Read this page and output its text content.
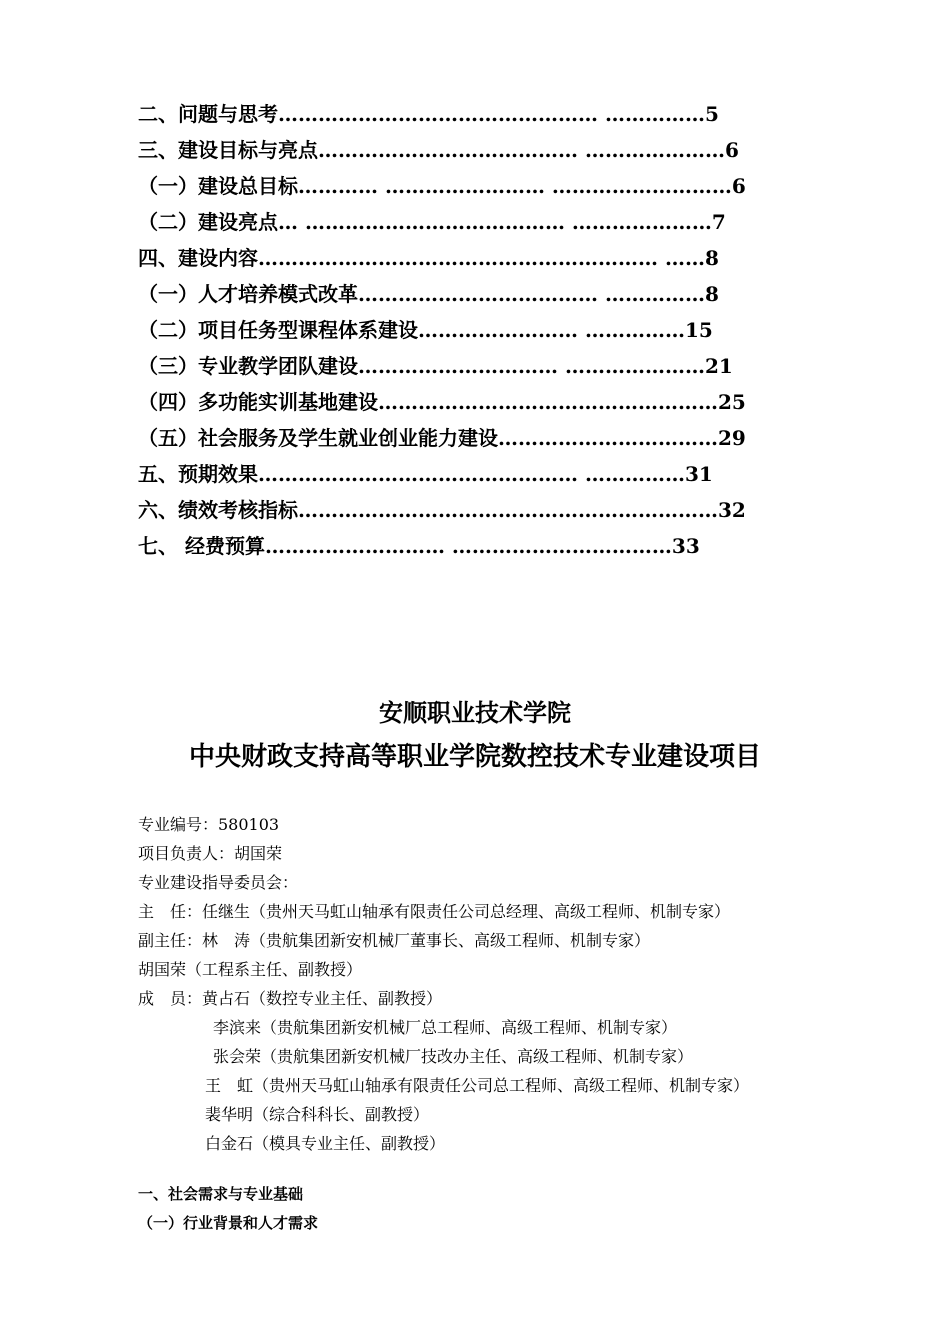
二、问题与思考………………………………………… ……………5
三、建设目标与亮点………………………………… …………………6
（一）建设总目标………… …………………… ………………………6
（二）建设亮点… ………………………………… …………………7
四、建设内容…………………………………………………… ……8
（一）人才培养模式改革……………………………… ……………8
（二）项目任务型课程体系建设…………………… ……………15
（三）专业教学团队建设………………………… …………………21
（四）多功能实训基地建设……………………………………………25
（五）社会服务及学生就业创业能力建设……………………………29
五、预期效果………………………………………… ……………31
六、绩效考核指标………………………………………………………32
七、 经费预算……………………… ……………………………33
安顺职业技术学院
中央财政支持高等职业学院数控技术专业建设项目
专业编号：580103
项目负责人：胡国荣
专业建设指导委员会：
主　任：任继生（贵州天马虹山轴承有限责任公司总经理、高级工程师、机制专家）
副主任：林　涛（贵航集团新安机械厂董事长、高级工程师、机制专家）
胡国荣（工程系主任、副教授）
成　员：黄占石（数控专业主任、副教授）
李滨来（贵航集团新安机械厂总工程师、高级工程师、机制专家）
张会荣（贵航集团新安机械厂技改办主任、高级工程师、机制专家）
王　虹（贵州天马虹山轴承有限责任公司总工程师、高级工程师、机制专家）
裴华明（综合科科长、副教授）
白金石（模具专业主任、副教授）
一、社会需求与专业基础
（一）行业背景和人才需求
